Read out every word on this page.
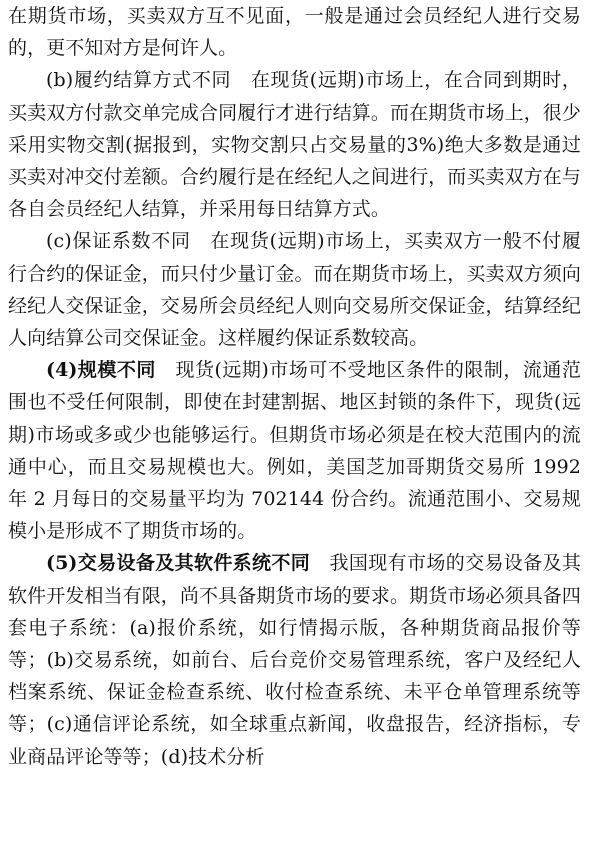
在期货市场，买卖双方互不见面，一般是通过会员经纪人进行交易的，更不知对方是何许人。

(b)履约结算方式不同　在现货(远期)市场上，在合同到期时，买卖双方付款交单完成合同履行才进行结算。而在期货市场上，很少采用实物交割(据报到，实物交割只占交易量的3%)绝大多数是通过买卖对冲交付差额。合约履行是在经纪人之间进行，而买卖双方在与各自会员经纪人结算，并采用每日结算方式。

(c)保证系数不同　在现货(远期)市场上，买卖双方一般不付履行合约的保证金，而只付少量订金。而在期货市场上，买卖双方须向经纪人交保证金，交易所会员经纪人则向交易所交保证金，结算经纪人向结算公司交保证金。这样履约保证系数较高。

(4)规模不同　现货(远期)市场可不受地区条件的限制，流通范围也不受任何限制，即使在封建割据、地区封锁的条件下，现货(远期)市场或多或少也能够运行。但期货市场必须是在校大范围内的流通中心，而且交易规模也大。例如，美国芝加哥期货交易所 1992 年 2 月每日的交易量平均为 702144 份合约。流通范围小、交易规模小是形成不了期货市场的。

(5)交易设备及其软件系统不同　我国现有市场的交易设备及其软件开发相当有限，尚不具备期货市场的要求。期货市场必须具备四套电子系统：(a)报价系统，如行情揭示版，各种期货商品报价等等；(b)交易系统，如前台、后台竞价交易管理系统，客户及经纪人档案系统、保证金检查系统、收付检查系统、未平仓单管理系统等等；(c)通信评论系统，如全球重点新闻，收盘报告，经济指标，专业商品评论等等；(d)技术分析
